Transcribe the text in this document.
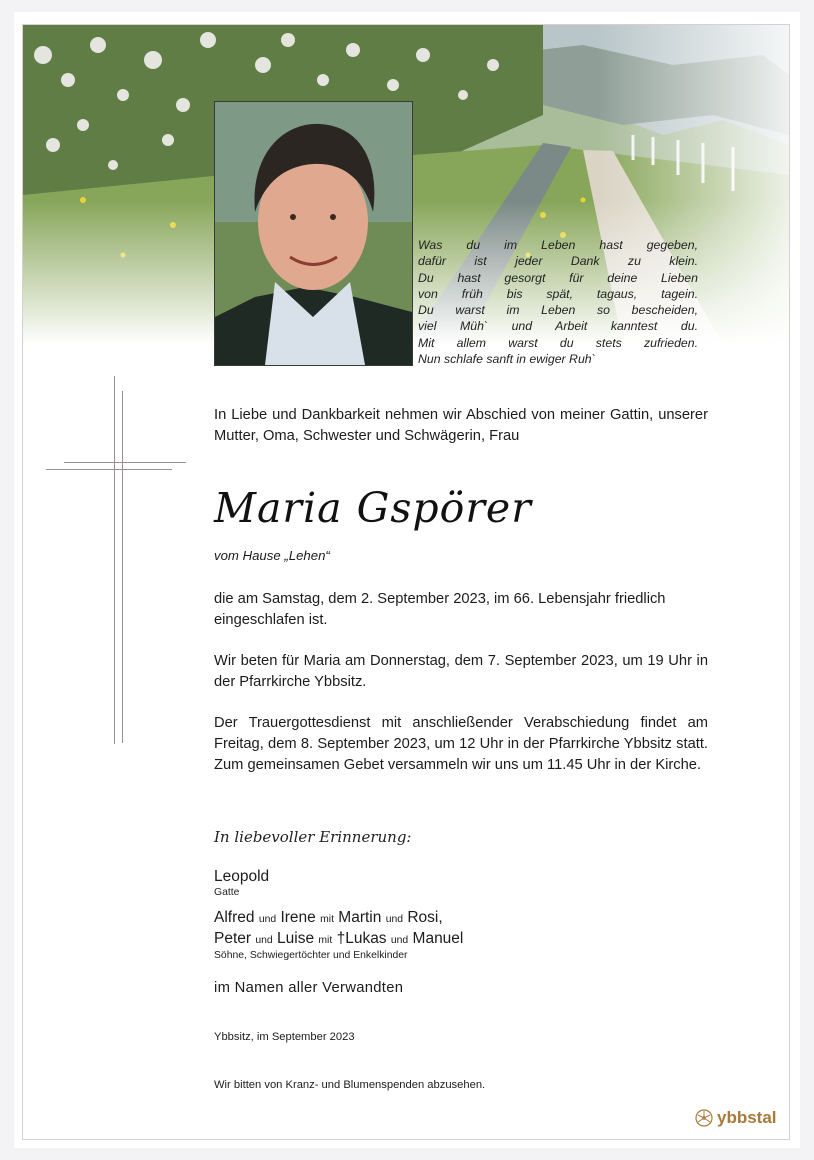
Was du im Leben hast gegeben,
dafür ist jeder Dank zu klein.
Du hast gesorgt für deine Lieben
von früh bis spät, tagaus, tagein.
Du warst im Leben so bescheiden,
viel Müh` und Arbeit kanntest du.
Mit allem warst du stets zufrieden.
Nun schlafe sanft in ewiger Ruh`
In Liebe und Dankbarkeit nehmen wir Abschied von meiner Gattin, unserer Mutter, Oma, Schwester und Schwägerin, Frau
Maria Gspörer
vom Hause „Lehen“
die am Samstag, dem 2. September 2023, im 66. Lebensjahr friedlich eingeschlafen ist.
Wir beten für Maria am Donnerstag, dem 7. September 2023, um 19 Uhr in der Pfarrkirche Ybbsitz.
Der Trauergottesdienst mit anschließender Verabschiedung findet am Freitag, dem 8. September 2023, um 12 Uhr in der Pfarrkirche Ybbsitz statt. Zum gemeinsamen Gebet versammeln wir uns um 11.45 Uhr in der Kirche.
In liebevoller Erinnerung:
Leopold
Gatte
Alfred und Irene mit Martin und Rosi,
Peter und Luise mit †Lukas und Manuel
Söhne, Schwiegertöchter und Enkelkinder
im Namen aller Verwandten
Ybbsitz, im September 2023
Wir bitten von Kranz- und Blumenspenden abzusehen.
ybbstal
